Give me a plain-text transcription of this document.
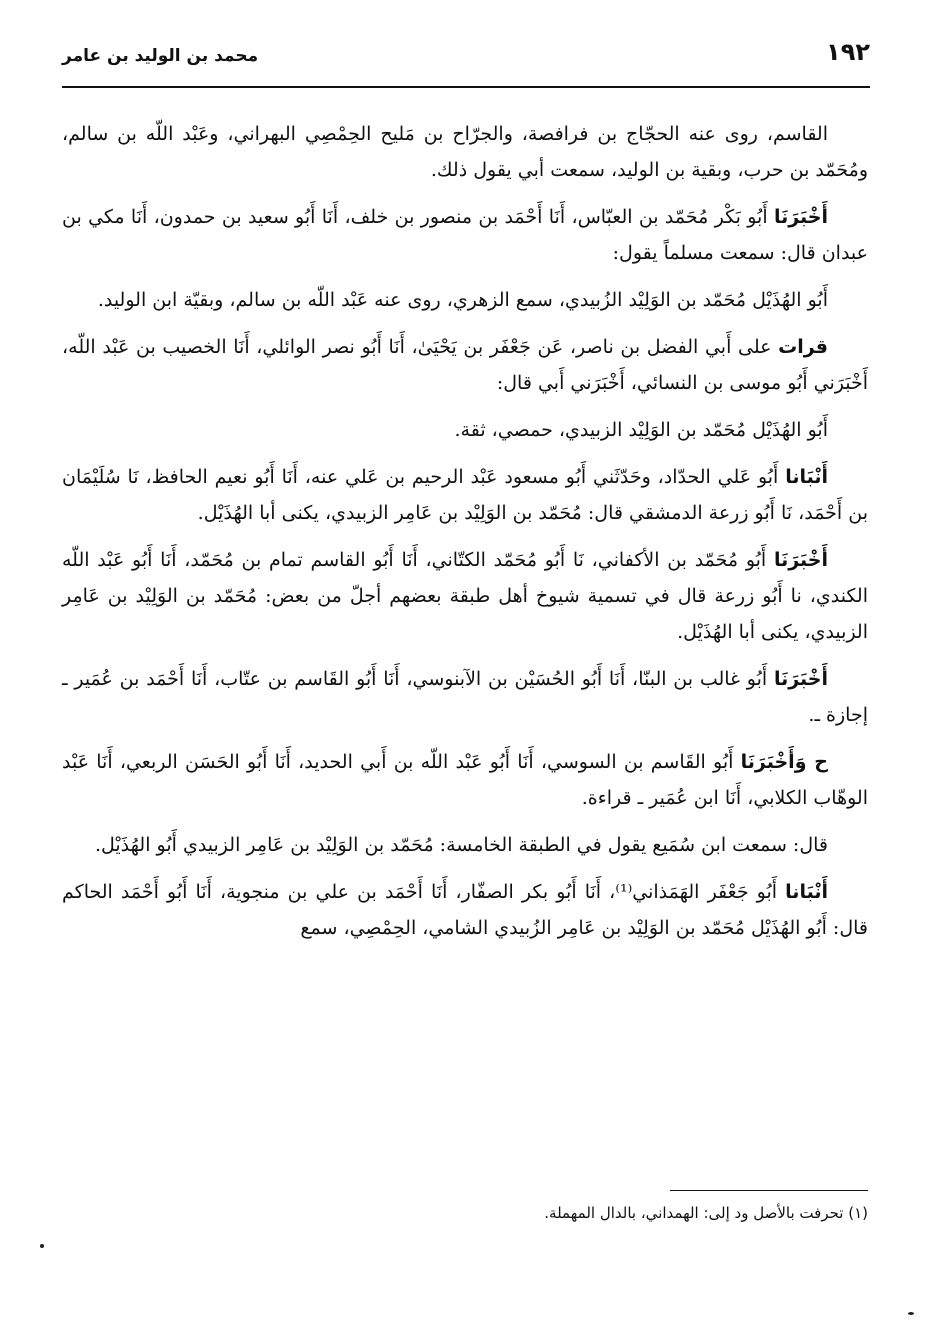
١٩٢
محمد بن الوليد بن عامر

القاسم، روى عنه الحجّاج بن فرافصة، والجرّاح بن مَليح الحِمْصِي البهراني، وعَبْد اللّه بن سالم، ومُحَمّد بن حرب، وبقية بن الوليد، سمعت أبي يقول ذلك.

أَخْبَرَنَا أَبُو بَكْر مُحَمّد بن العبّاس، أَنَا أَحْمَد بن منصور بن خلف، أَنَا أَبُو سعيد بن حمدون، أَنَا مكي بن عبدان قال: سمعت مسلماً يقول:

أَبُو الهُذَيْل مُحَمّد بن الوَلِيْد الزُبيدي، سمع الزهري، روى عنه عَبْد اللّه بن سالم، وبقيّة ابن الوليد.

قرات على أَبي الفضل بن ناصر، عَن جَعْفَر بن يَحْيَىٰ، أَنَا أَبُو نصر الوائلي، أَنَا الخصيب بن عَبْد اللّه، أَخْبَرَني أَبُو موسى بن النسائي، أَخْبَرَني أَبي قال:

أَبُو الهُذَيْل مُحَمّد بن الوَلِيْد الزبيدي، حمصي، ثقة.

أَنْبَانا أَبُو عَلي الحدّاد، وحَدّثَني أَبُو مسعود عَبْد الرحيم بن عَلي عنه، أَنَا أَبُو نعيم الحافظ، نَا سُلَيْمَان بن أَحْمَد، نَا أَبُو زرعة الدمشقي قال: مُحَمّد بن الوَلِيْد بن عَامِر الزبيدي، يكنى أبا الهُذَيْل.

أَخْبَرَنَا أَبُو مُحَمّد بن الأكفاني، نَا أَبُو مُحَمّد الكتّاني، أَنَا أَبُو القاسم تمام بن مُحَمّد، أَنَا أَبُو عَبْد اللّه الكندي، نا أَبُو زرعة قال في تسمية شيوخ أهل طبقة بعضهم أجلّ من بعض: مُحَمّد بن الوَلِيْد بن عَامِر الزبيدي، يكنى أبا الهُذَيْل.

أَخْبَرَنَا أَبُو غالب بن البنّا، أَنَا أَبُو الحُسَيْن بن الآبنوسي، أَنَا أَبُو القَاسم بن عتّاب، أَنَا أَحْمَد بن عُمَير ـ إجازة ـ.

ح وَأَخْبَرَنَا أَبُو القَاسم بن السوسي، أَنَا أَبُو عَبْد اللّه بن أَبي الحديد، أَنَا أَبُو الحَسَن الربعي، أَنَا عَبْد الوهّاب الكلابي، أَنَا ابن عُمَير ـ قراءة.

قال: سمعت ابن سُمَيع يقول في الطبقة الخامسة: مُحَمّد بن الوَلِيْد بن عَامِر الزبيدي أَبُو الهُذَيْل.

أَنْبَانا أَبُو جَعْفَر الهَمَذاني⁽¹⁾، أَنَا أَبُو بكر الصفّار، أَنَا أَحْمَد بن علي بن منجوية، أَنَا أَبُو أَحْمَد الحاكم قال: أَبُو الهُذَيْل مُحَمّد بن الوَلِيْد بن عَامِر الزُبيدي الشامي، الحِمْصِي، سمع

(١) تحرفت بالأصل ود إلى: الهمداني، بالدال المهملة.
